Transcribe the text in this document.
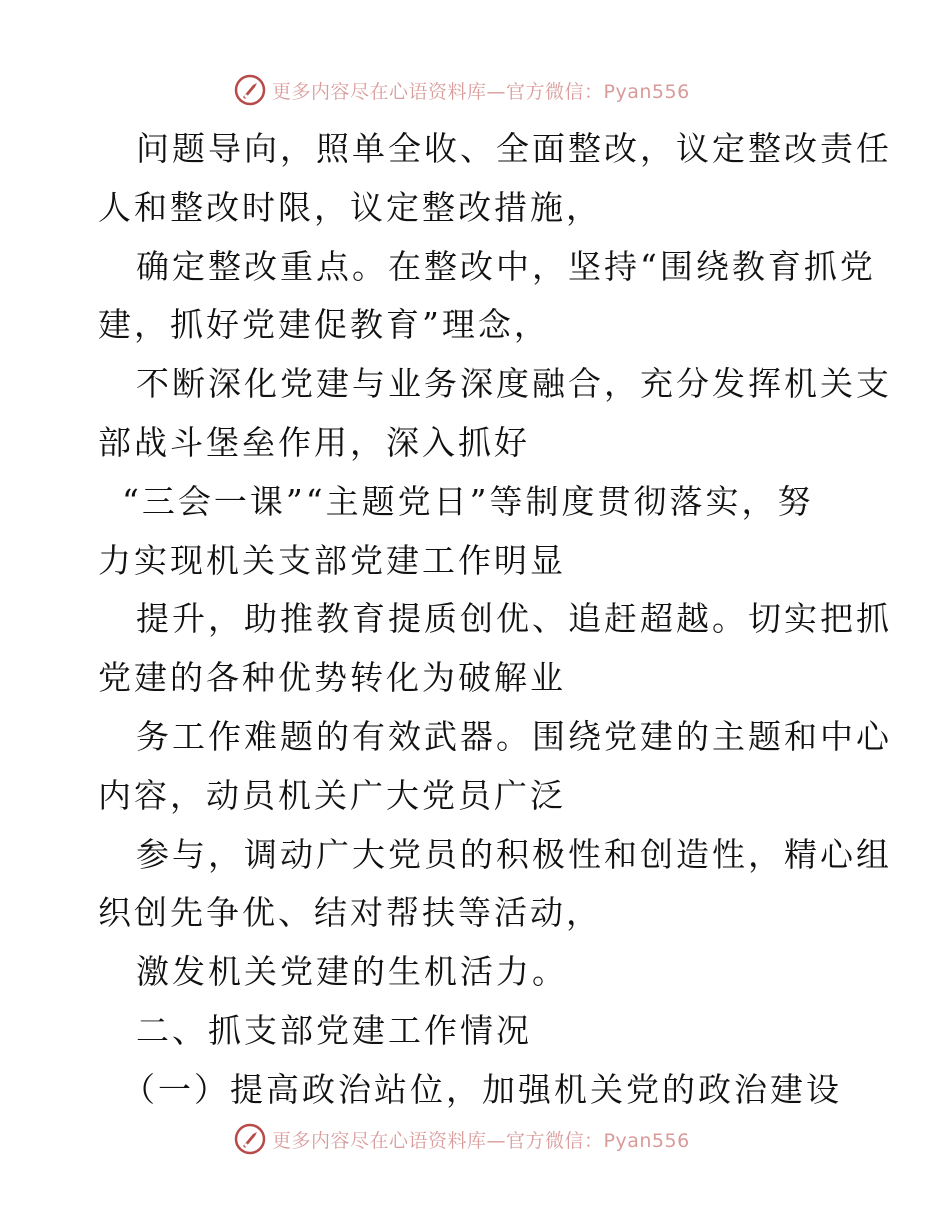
更多内容尽在心语资料库—官方微信：Pyan556
问题导向，照单全收、全面整改，议定整改责任
人和整改时限，议定整改措施，
确定整改重点。在整改中，坚持“围绕教育抓党
建，抓好党建促教育”理念，
不断深化党建与业务深度融合，充分发挥机关支
部战斗堡垒作用，深入抓好
“三会一课”“主题党日”等制度贯彻落实，努
力实现机关支部党建工作明显
提升，助推教育提质创优、追赶超越。切实把抓
党建的各种优势转化为破解业
务工作难题的有效武器。围绕党建的主题和中心
内容，动员机关广大党员广泛
参与，调动广大党员的积极性和创造性，精心组
织创先争优、结对帮扶等活动，
激发机关党建的生机活力。
二、抓支部党建工作情况
（一）提高政治站位，加强机关党的政治建设
更多内容尽在心语资料库—官方微信：Pyan556
